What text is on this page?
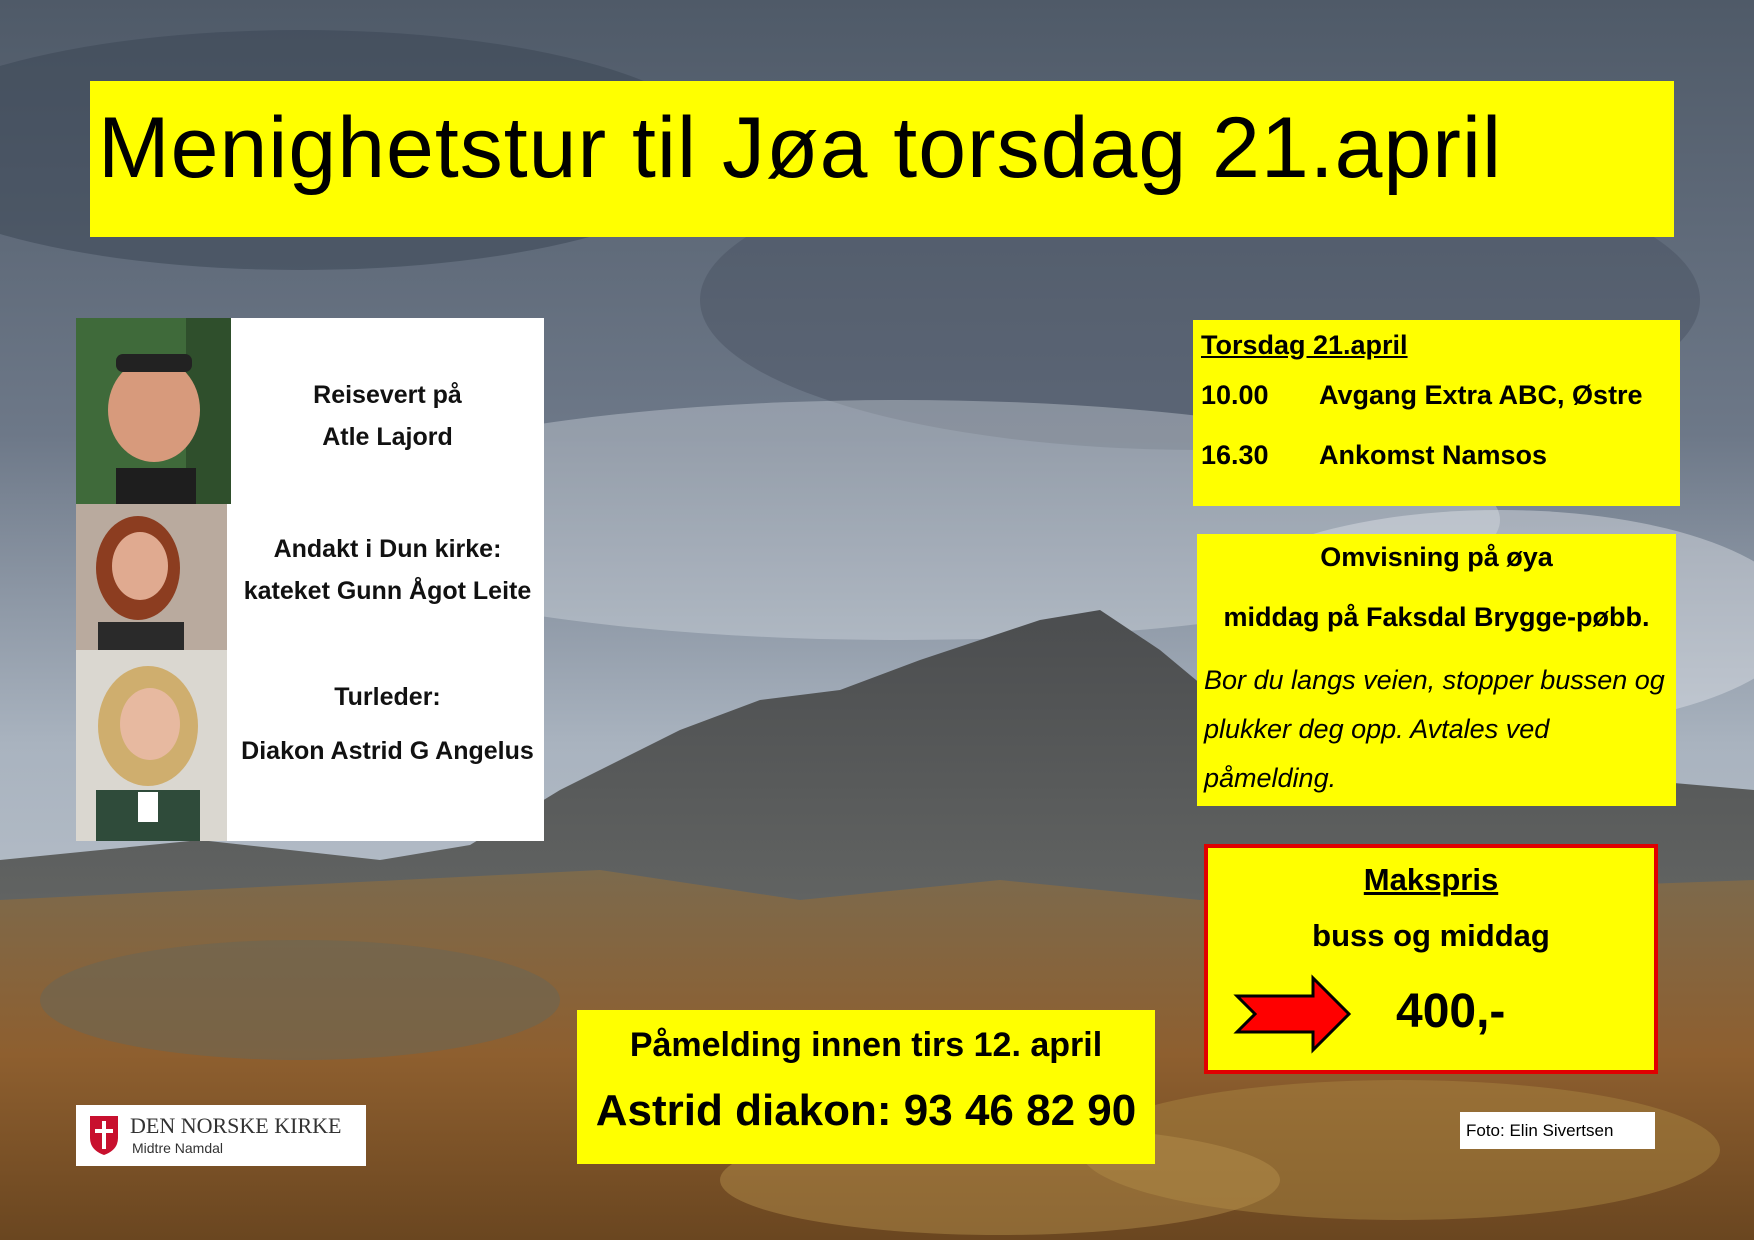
Menighetstur til Jøa torsdag 21.april
Reisevert på
Atle Lajord
Andakt i Dun kirke:
kateket Gunn Ågot Leite
Turleder:
Diakon Astrid G Angelus
Torsdag 21.april
10.00 Avgang Extra ABC, Østre
16.30 Ankomst Namsos
Omvisning på øya
middag på Faksdal Brygge-pøbb.
Bor du langs veien, stopper bussen og plukker deg opp. Avtales ved påmelding.
Makspris
buss og middag
400,-
Påmelding innen tirs 12. april
Astrid diakon: 93 46 82 90
DEN NORSKE KIRKE
Midtre Namdal
Foto: Elin Sivertsen
